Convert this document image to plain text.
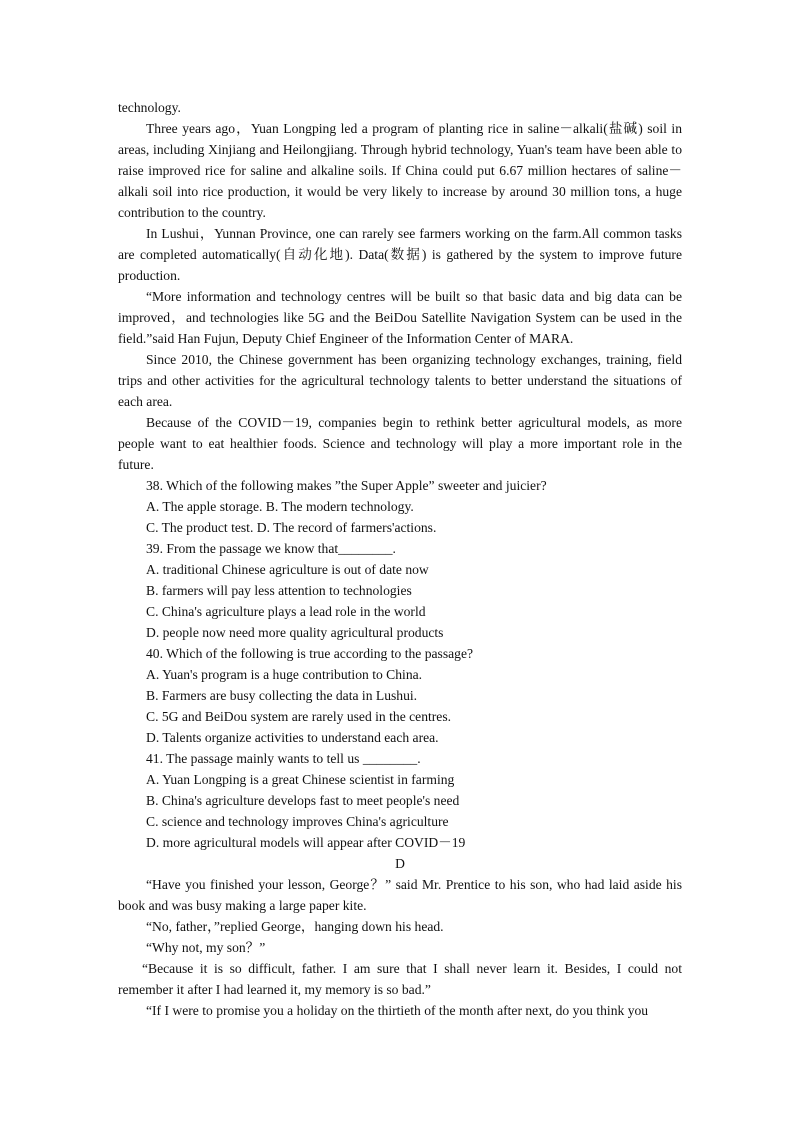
technology.

Three years ago，Yuan Longping led a program of planting rice in saline－alkali(盐碱) soil in areas, including Xinjiang and Heilongjiang. Through hybrid technology, Yuan's team have been able to raise improved rice for saline and alkaline soils. If China could put 6.67 million hectares of saline－alkali soil into rice production, it would be very likely to increase by around 30 million tons, a huge contribution to the country.

In Lushui，Yunnan Province, one can rarely see farmers working on the farm.All common tasks are completed automatically(自动化地). Data(数据) is gathered by the system to improve future production.

“More information and technology centres will be built so that basic data and big data can be improved，and technologies like 5G and the BeiDou Satellite Navigation System can be used in the field.”said Han Fujun, Deputy Chief Engineer of the Information Center of MARA.

Since 2010, the Chinese government has been organizing technology exchanges, training, field trips and other activities for the agricultural technology talents to better understand the situations of each area.

Because of the COVID－19, companies begin to rethink better agricultural models, as more people want to eat healthier foods. Science and technology will play a more important role in the future.

38. Which of the following makes ”the Super Apple” sweeter and juicier?
A. The apple storage. B. The modern technology.
C. The product test. D. The record of farmers'actions.
39. From the passage we know that________.
A. traditional Chinese agriculture is out of date now
B. farmers will pay less attention to technologies
C. China's agriculture plays a lead role in the world
D. people now need more quality agricultural products
40. Which of the following is true according to the passage?
A. Yuan's program is a huge contribution to China.
B. Farmers are busy collecting the data in Lushui.
C. 5G and BeiDou system are rarely used in the centres.
D. Talents organize activities to understand each area.
41. The passage mainly wants to tell us ________.
A. Yuan Longping is a great Chinese scientist in farming
B. China's agriculture develops fast to meet people's need
C. science and technology improves China's agriculture
D. more agricultural models will appear after COVID－19
D

“Have you finished your lesson, George？” said Mr. Prentice to his son, who had laid aside his book and was busy making a large paper kite.

“No, father，”replied George，hanging down his head.

“Why not, my son？”

“Because it is so difficult, father. I am sure that I shall never learn it. Besides, I could not remember it after I had learned it, my memory is so bad.”

“If I were to promise you a holiday on the thirtieth of the month after next, do you think you
